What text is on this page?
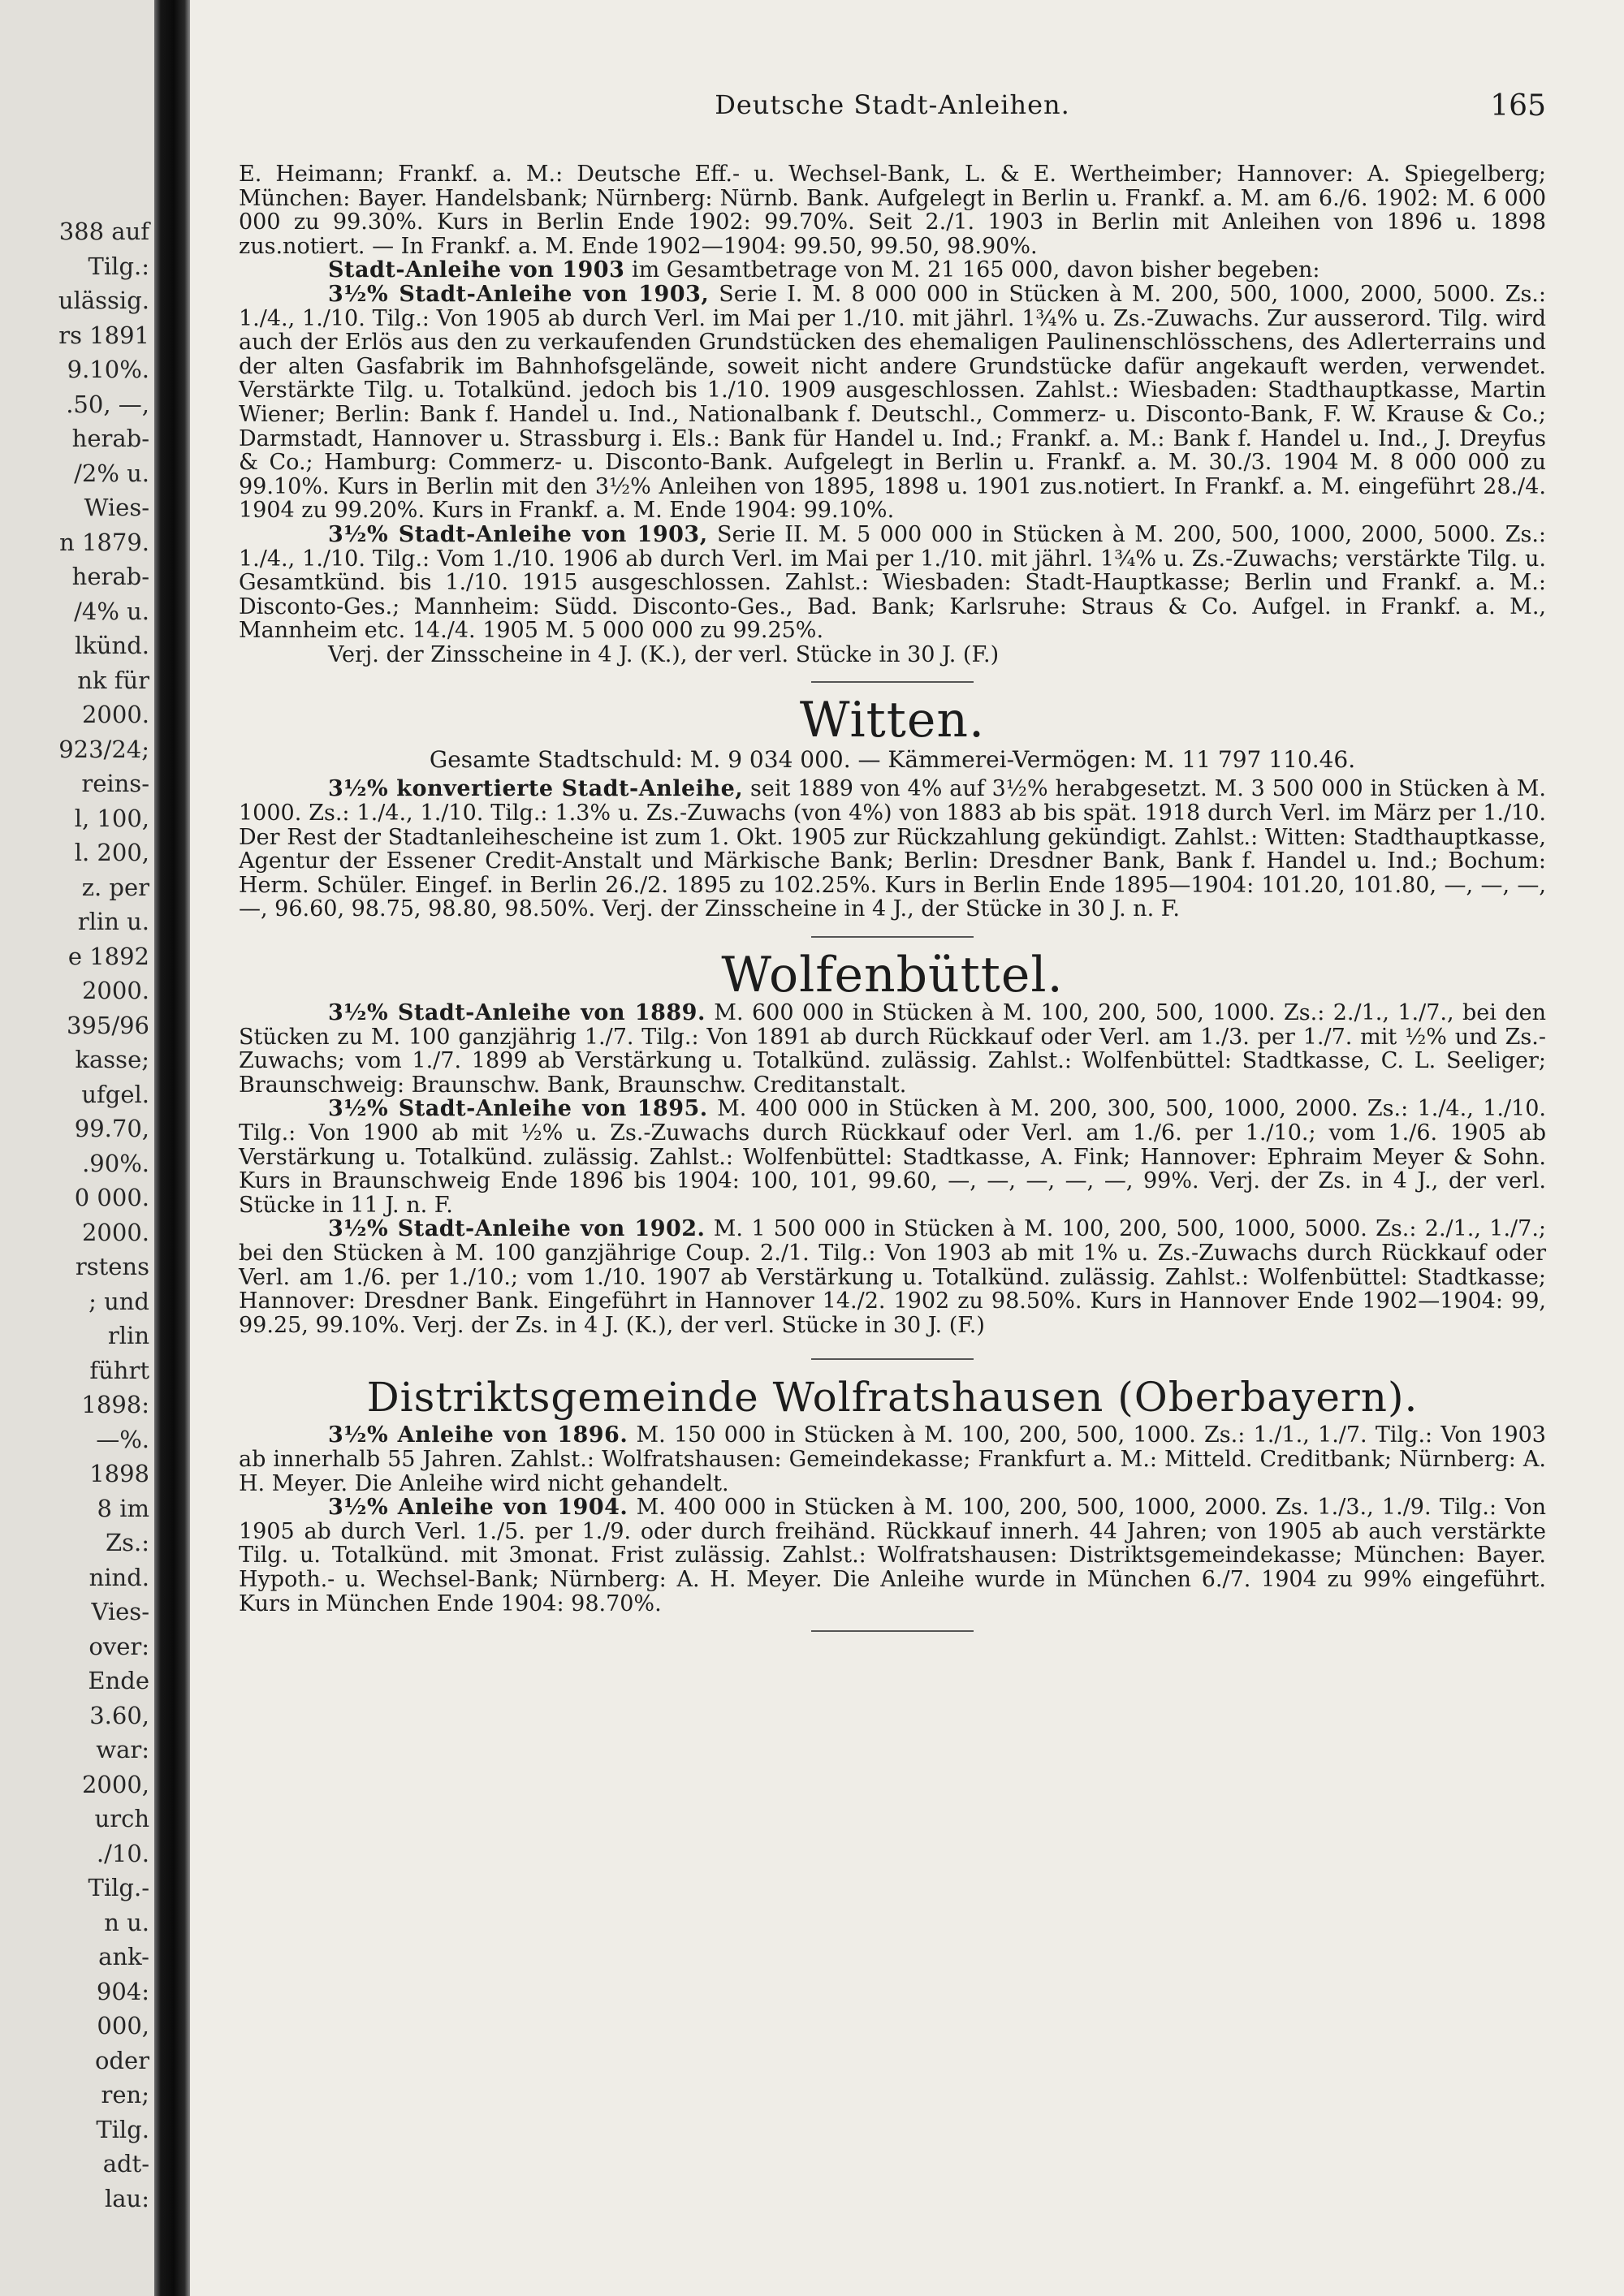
388 auf
Tilg.:
ulässig.
rs 1891
9.10%.
.50, —,
herab-
/2% u.
Wies-
n 1879.
herab-
/4% u.
lkünd.
nk für
2000.
923/24;
reins-
l, 100,
l. 200,
z. per
rlin u.
e 1892
2000.
395/96
kasse;
ufgel.
99.70,
.90%.
0 000.
2000.
rstens
; und
rlin
führt
1898:
—%.
1898
8 im
Zs.:
nind.
Vies-
over:
Ende
3.60,
war:
2000,
urch
./10.
Tilg.-
n u.
ank-
904:
000,
oder
ren;
Tilg.
adt-
lau:
Deutsche Stadt-Anleihen.	165

E. Heimann; Frankf. a. M.: Deutsche Eff.- u. Wechsel-Bank, L. & E. Wertheimber; Hannover: A. Spiegelberg; München: Bayer. Handelsbank; Nürnberg: Nürnb. Bank. Aufgelegt in Berlin u. Frankf. a. M. am 6./6. 1902: M. 6 000 000 zu 99.30%. Kurs in Berlin Ende 1902: 99.70%. Seit 2./1. 1903 in Berlin mit Anleihen von 1896 u. 1898 zus.notiert. — In Frankf. a. M. Ende 1902—1904: 99.50, 99.50, 98.90%.

Stadt-Anleihe von 1903 im Gesamtbetrage von M. 21 165 000, davon bisher begeben:

3½% Stadt-Anleihe von 1903, Serie I. M. 8 000 000 in Stücken à M. 200, 500, 1000, 2000, 5000. Zs.: 1./4., 1./10. Tilg.: Von 1905 ab durch Verl. im Mai per 1./10. mit jährl. 1¾% u. Zs.-Zuwachs. Zur ausserord. Tilg. wird auch der Erlös aus den zu verkaufenden Grundstücken des ehemaligen Paulinenschlösschens, des Adlerterrains und der alten Gasfabrik im Bahnhofsgelände, soweit nicht andere Grundstücke dafür angekauft werden, verwendet. Verstärkte Tilg. u. Totalkünd. jedoch bis 1./10. 1909 ausgeschlossen. Zahlst.: Wiesbaden: Stadthauptkasse, Martin Wiener; Berlin: Bank f. Handel u. Ind., Nationalbank f. Deutschl., Commerz- u. Disconto-Bank, F. W. Krause & Co.; Darmstadt, Hannover u. Strassburg i. Els.: Bank für Handel u. Ind.; Frankf. a. M.: Bank f. Handel u. Ind., J. Dreyfus & Co.; Hamburg: Commerz- u. Disconto-Bank. Aufgelegt in Berlin u. Frankf. a. M. 30./3. 1904 M. 8 000 000 zu 99.10%. Kurs in Berlin mit den 3½% Anleihen von 1895, 1898 u. 1901 zus.notiert. In Frankf. a. M. eingeführt 28./4. 1904 zu 99.20%. Kurs in Frankf. a. M. Ende 1904: 99.10%.

3½% Stadt-Anleihe von 1903, Serie II. M. 5 000 000 in Stücken à M. 200, 500, 1000, 2000, 5000. Zs.: 1./4., 1./10. Tilg.: Vom 1./10. 1906 ab durch Verl. im Mai per 1./10. mit jährl. 1¾% u. Zs.-Zuwachs; verstärkte Tilg. u. Gesamtkünd. bis 1./10. 1915 ausgeschlossen. Zahlst.: Wiesbaden: Stadt-Hauptkasse; Berlin und Frankf. a. M.: Disconto-Ges.; Mannheim: Südd. Disconto-Ges., Bad. Bank; Karlsruhe: Straus & Co. Aufgel. in Frankf. a. M., Mannheim etc. 14./4. 1905 M. 5 000 000 zu 99.25%.

Verj. der Zinsscheine in 4 J. (K.), der verl. Stücke in 30 J. (F.)

Witten.
Gesamte Stadtschuld: M. 9 034 000. — Kämmerei-Vermögen: M. 11 797 110.46.

3½% konvertierte Stadt-Anleihe, seit 1889 von 4% auf 3½% herabgesetzt. M. 3 500 000 in Stücken à M. 1000. Zs.: 1./4., 1./10. Tilg.: 1.3% u. Zs.-Zuwachs (von 4%) von 1883 ab bis spät. 1918 durch Verl. im März per 1./10. Der Rest der Stadtanleihescheine ist zum 1. Okt. 1905 zur Rückzahlung gekündigt. Zahlst.: Witten: Stadthauptkasse, Agentur der Essener Credit-Anstalt und Märkische Bank; Berlin: Dresdner Bank, Bank f. Handel u. Ind.; Bochum: Herm. Schüler. Eingef. in Berlin 26./2. 1895 zu 102.25%. Kurs in Berlin Ende 1895—1904: 101.20, 101.80, —, —, —, —, 96.60, 98.75, 98.80, 98.50%. Verj. der Zinsscheine in 4 J., der Stücke in 30 J. n. F.

Wolfenbüttel.

3½% Stadt-Anleihe von 1889. M. 600 000 in Stücken à M. 100, 200, 500, 1000. Zs.: 2./1., 1./7., bei den Stücken zu M. 100 ganzjährig 1./7. Tilg.: Von 1891 ab durch Rückkauf oder Verl. am 1./3. per 1./7. mit ½% und Zs.-Zuwachs; vom 1./7. 1899 ab Verstärkung u. Totalkünd. zulässig. Zahlst.: Wolfenbüttel: Stadtkasse, C. L. Seeliger; Braunschweig: Braunschw. Bank, Braunschw. Creditanstalt.

3½% Stadt-Anleihe von 1895. M. 400 000 in Stücken à M. 200, 300, 500, 1000, 2000. Zs.: 1./4., 1./10. Tilg.: Von 1900 ab mit ½% u. Zs.-Zuwachs durch Rückkauf oder Verl. am 1./6. per 1./10.; vom 1./6. 1905 ab Verstärkung u. Totalkünd. zulässig. Zahlst.: Wolfenbüttel: Stadtkasse, A. Fink; Hannover: Ephraim Meyer & Sohn. Kurs in Braunschweig Ende 1896 bis 1904: 100, 101, 99.60, —, —, —, —, —, 99%. Verj. der Zs. in 4 J., der verl. Stücke in 11 J. n. F.

3½% Stadt-Anleihe von 1902. M. 1 500 000 in Stücken à M. 100, 200, 500, 1000, 5000. Zs.: 2./1., 1./7.; bei den Stücken à M. 100 ganzjährige Coup. 2./1. Tilg.: Von 1903 ab mit 1% u. Zs.-Zuwachs durch Rückkauf oder Verl. am 1./6. per 1./10.; vom 1./10. 1907 ab Verstärkung u. Totalkünd. zulässig. Zahlst.: Wolfenbüttel: Stadtkasse; Hannover: Dresdner Bank. Eingeführt in Hannover 14./2. 1902 zu 98.50%. Kurs in Hannover Ende 1902—1904: 99, 99.25, 99.10%. Verj. der Zs. in 4 J. (K.), der verl. Stücke in 30 J. (F.)

Distriktsgemeinde Wolfratshausen (Oberbayern).

3½% Anleihe von 1896. M. 150 000 in Stücken à M. 100, 200, 500, 1000. Zs.: 1./1., 1./7. Tilg.: Von 1903 ab innerhalb 55 Jahren. Zahlst.: Wolfratshausen: Gemeindekasse; Frankfurt a. M.: Mitteld. Creditbank; Nürnberg: A. H. Meyer. Die Anleihe wird nicht gehandelt.

3½% Anleihe von 1904. M. 400 000 in Stücken à M. 100, 200, 500, 1000, 2000. Zs. 1./3., 1./9. Tilg.: Von 1905 ab durch Verl. 1./5. per 1./9. oder durch freihänd. Rückkauf innerh. 44 Jahren; von 1905 ab auch verstärkte Tilg. u. Totalkünd. mit 3monat. Frist zulässig. Zahlst.: Wolfratshausen: Distriktsgemeindekasse; München: Bayer. Hypoth.- u. Wechsel-Bank; Nürnberg: A. H. Meyer. Die Anleihe wurde in München 6./7. 1904 zu 99% eingeführt. Kurs in München Ende 1904: 98.70%.
